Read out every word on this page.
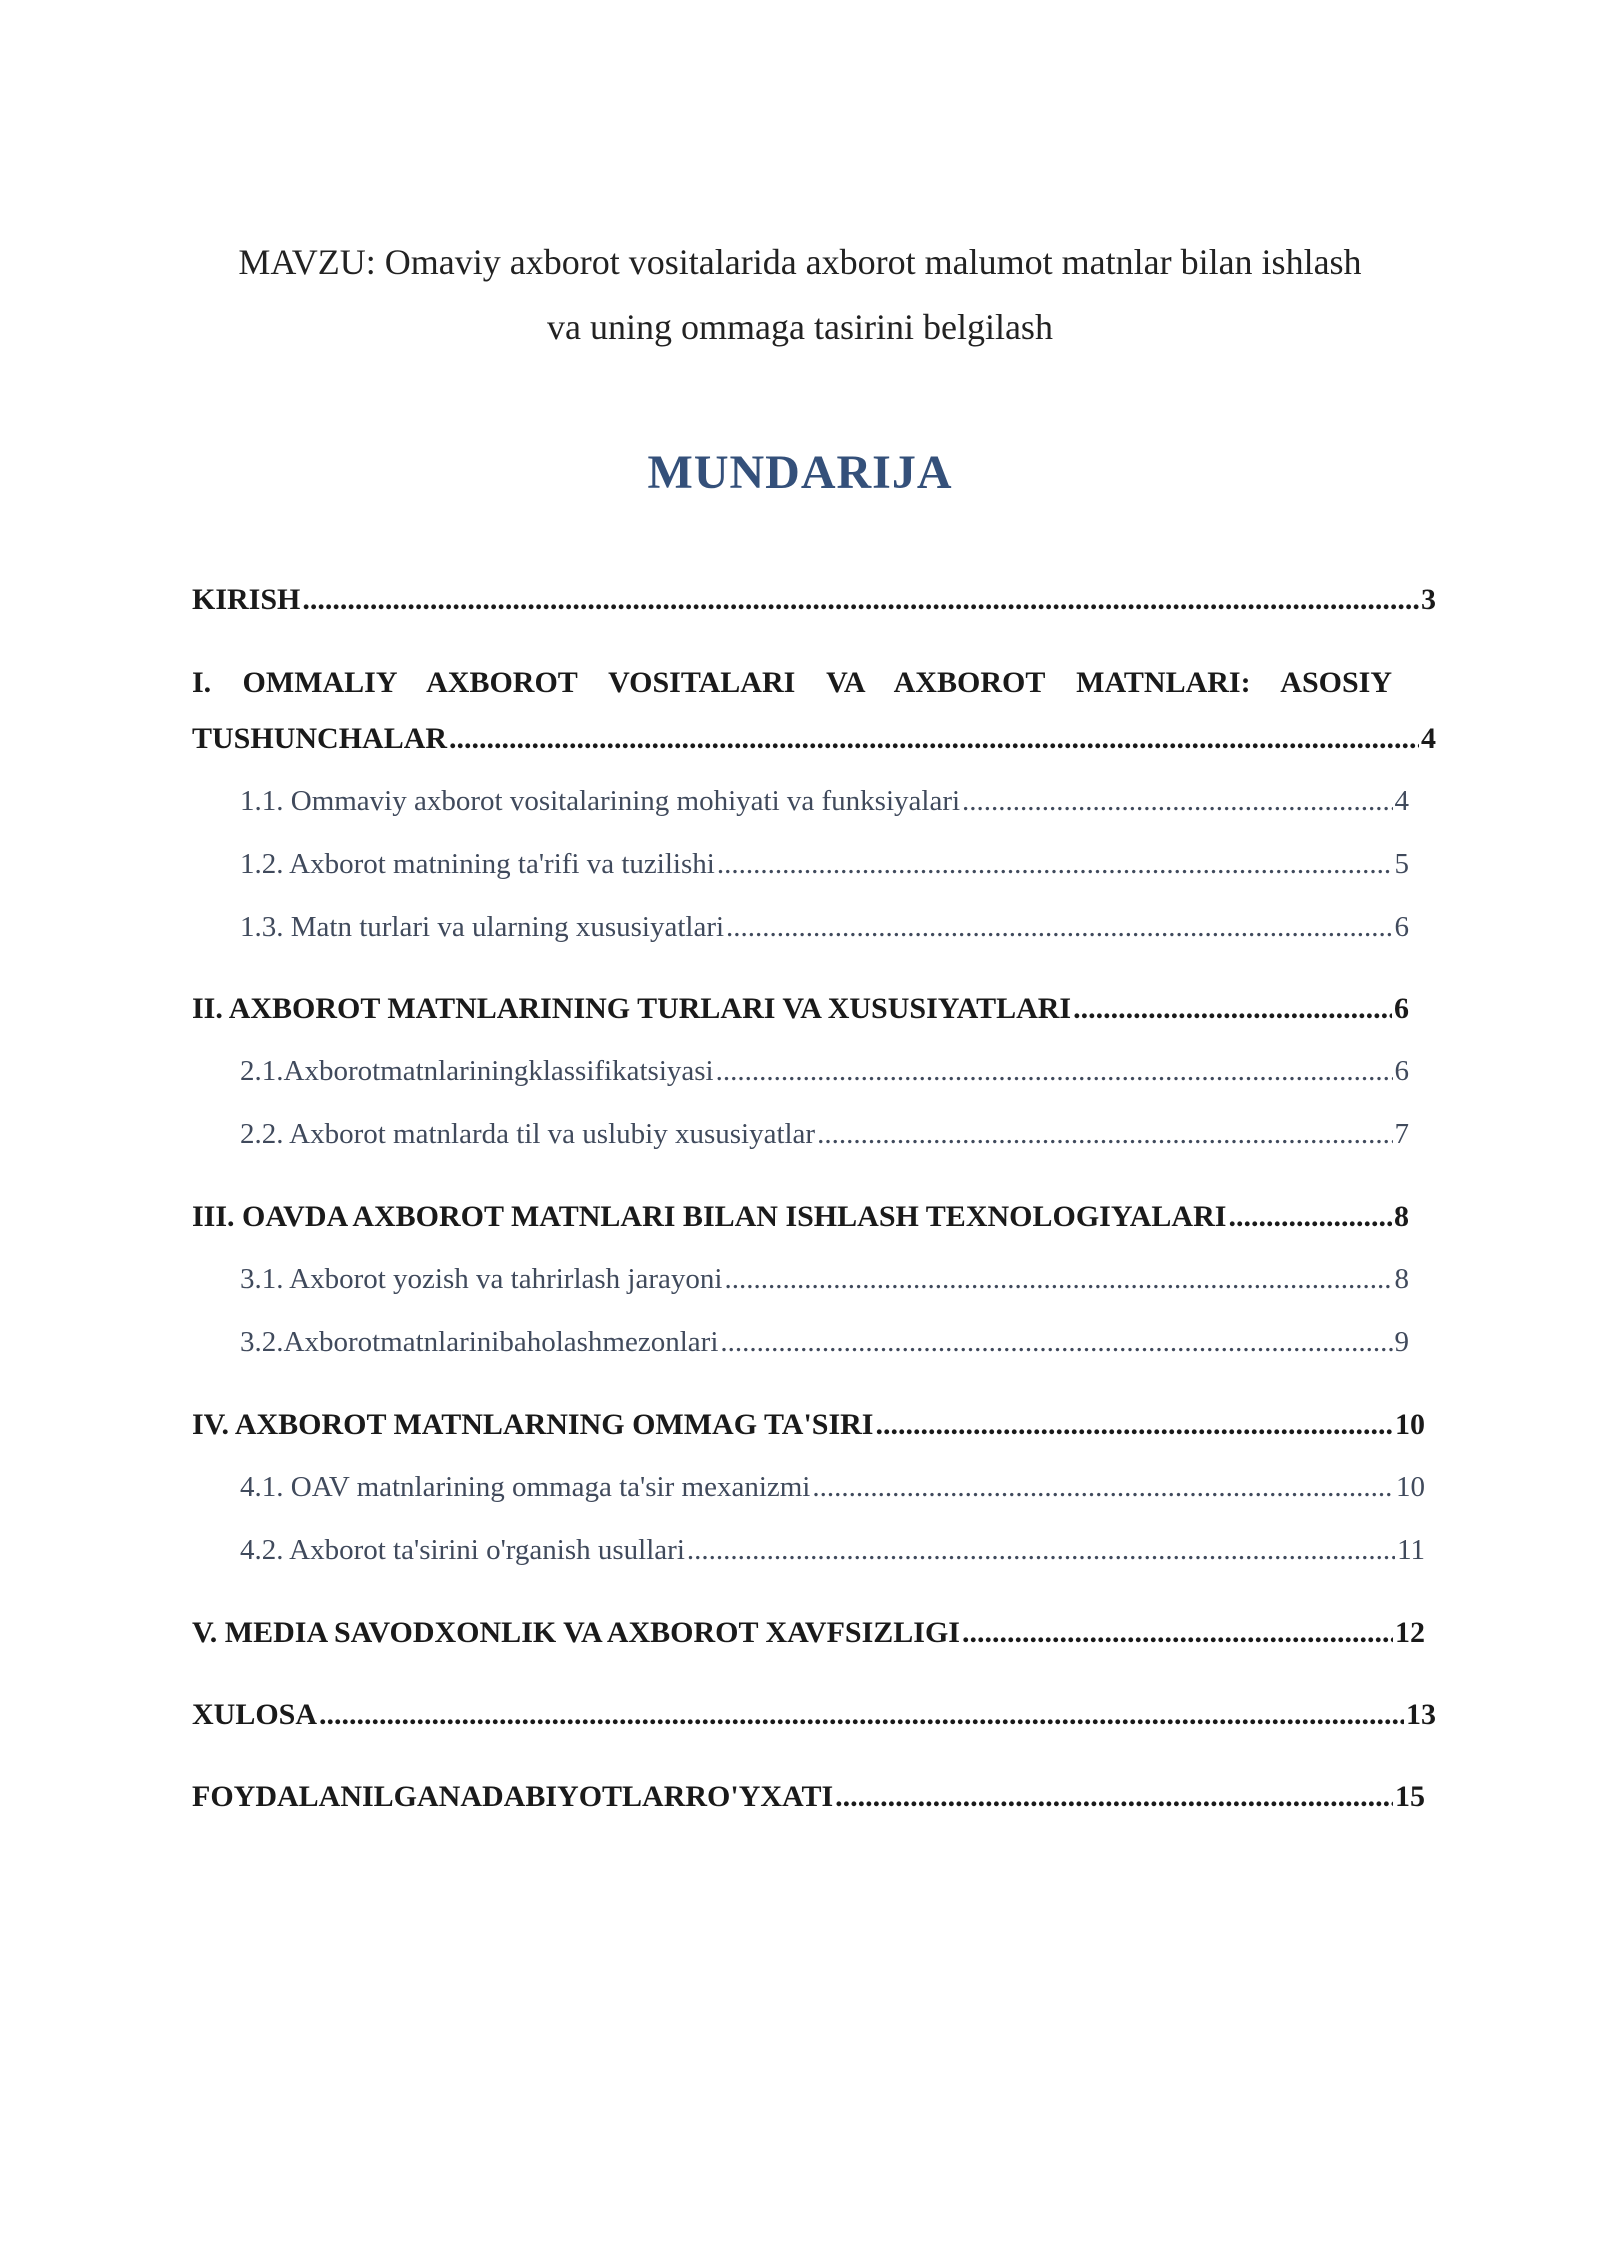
MAVZU: Omaviy axborot vositalarida axborot malumot matnlar bilan ishlash
va uning ommaga tasirini belgilash
MUNDARIJA
KIRISH .....	3
I. OMMALIY AXBOROT VOSITALARI VA AXBOROT MATNLARI: ASOSIY
TUSHUNCHALAR .....	4
1.1. Ommaviy axborot vositalarining mohiyati va funksiyalari .....	4
1.2. Axborot matnining ta'rifi va tuzilishi .....	5
1.3. Matn turlari va ularning xususiyatlari .....	6
II. AXBOROT MATNLARINING TURLARI VA XUSUSIYATLARI .....	6
2.1.Axborotmatnlariningklassifikatsiyasi .....	6
2.2. Axborot matnlarda til va uslubiy xususiyatlar .....	7
III. OAVDA AXBOROT MATNLARI BILAN ISHLASH TEXNOLOGIYALARI .....	8
3.1. Axborot yozish va tahrirlash jarayoni .....	8
3.2.Axborotmatnlarinibaholashmezonlari .....	9
IV. AXBOROT MATNLARNING OMMAG TA'SIRI .....	10
4.1. OAV matnlarining ommaga ta'sir mexanizmi .....	10
4.2. Axborot ta'sirini o'rganish usullari .....	11
V. MEDIA SAVODXONLIK VA AXBOROT XAVFSIZLIGI .....	12
XULOSA .....	13
FOYDALANILGANADABIYOTLARRO'YXATI .....	15
